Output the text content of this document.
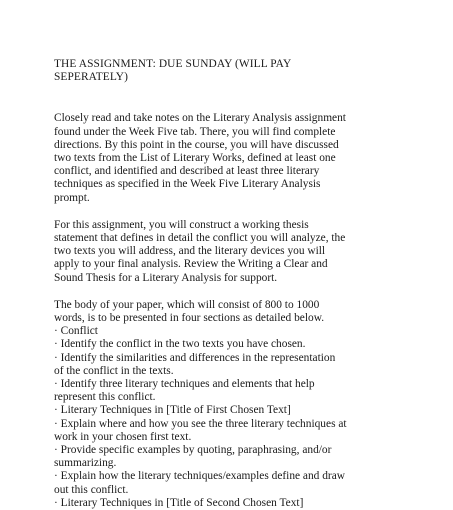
THE ASSIGNMENT: DUE SUNDAY (WILL PAY
SEPERATELY)
Closely read and take notes on the Literary Analysis assignment
found under the Week Five tab. There, you will find complete
directions. By this point in the course, you will have discussed
two texts from the List of Literary Works, defined at least one
conflict, and identified and described at least three literary
techniques as specified in the Week Five Literary Analysis
prompt.
For this assignment, you will construct a working thesis
statement that defines in detail the conflict you will analyze, the
two texts you will address, and the literary devices you will
apply to your final analysis. Review the Writing a Clear and
Sound Thesis for a Literary Analysis for support.
The body of your paper, which will consist of 800 to 1000
words, is to be presented in four sections as detailed below.
· Conflict
· Identify the conflict in the two texts you have chosen.
· Identify the similarities and differences in the representation
of the conflict in the texts.
· Identify three literary techniques and elements that help
represent this conflict.
· Literary Techniques in [Title of First Chosen Text]
· Explain where and how you see the three literary techniques at
work in your chosen first text.
· Provide specific examples by quoting, paraphrasing, and/or
summarizing.
· Explain how the literary techniques/examples define and draw
out this conflict.
· Literary Techniques in [Title of Second Chosen Text]
